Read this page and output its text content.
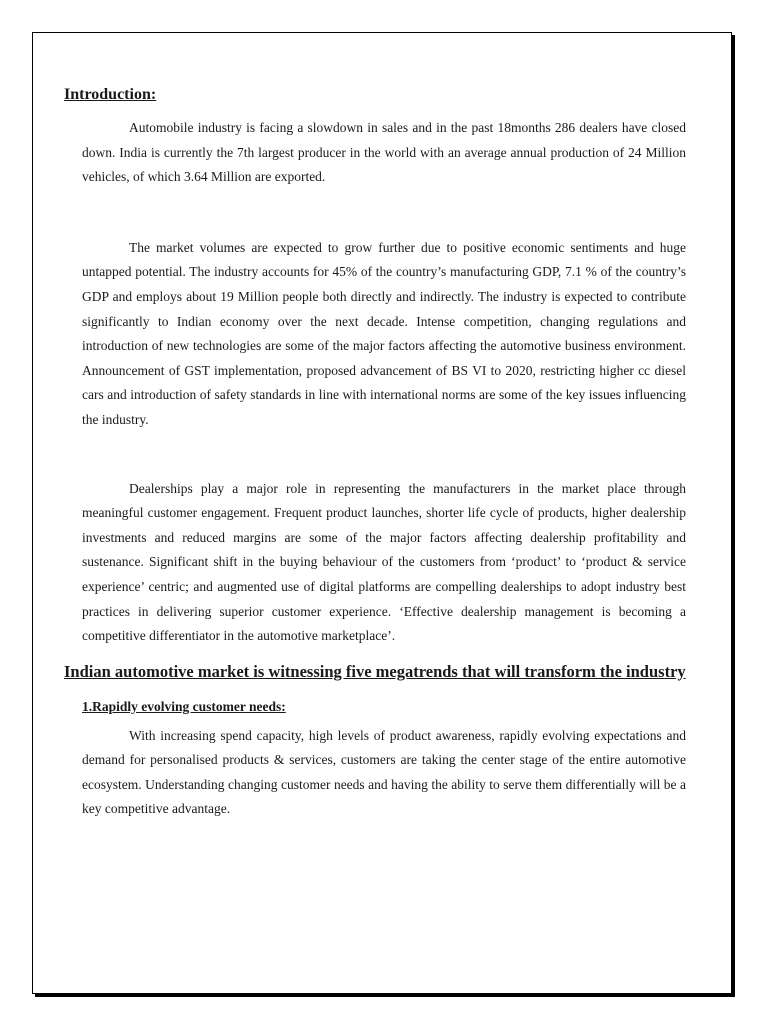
Introduction:

Automobile industry is facing a slowdown in sales and in the past 18months 286 dealers have closed down. India is currently the 7th largest producer in the world with an average annual production of 24 Million vehicles, of which 3.64 Million are exported.

The market volumes are expected to grow further due to positive economic sentiments and huge untapped potential. The industry accounts for 45% of the country’s manufacturing GDP, 7.1 % of the country’s GDP and employs about 19 Million people both directly and indirectly. The industry is expected to contribute significantly to Indian economy over the next decade. Intense competition, changing regulations and introduction of new technologies are some of the major factors affecting the automotive business environment. Announcement of GST implementation, proposed advancement of BS VI to 2020, restricting higher cc diesel cars and introduction of safety standards in line with international norms are some of the key issues influencing the industry.

Dealerships play a major role in representing the manufacturers in the market place through meaningful customer engagement. Frequent product launches, shorter life cycle of products, higher dealership investments and reduced margins are some of the major factors affecting dealership profitability and sustenance. Significant shift in the buying behaviour of the customers from ‘product’ to ‘product & service experience’ centric; and augmented use of digital platforms are compelling dealerships to adopt industry best practices in delivering superior customer experience. ‘Effective dealership management is becoming a competitive differentiator in the automotive marketplace’.

Indian automotive market is witnessing five megatrends that will transform the industry
1.Rapidly evolving customer needs:

With increasing spend capacity, high levels of product awareness, rapidly evolving expectations and demand for personalised products & services, customers are taking the center stage of the entire automotive ecosystem. Understanding changing customer needs and having the ability to serve them differentially will be a key competitive advantage.
